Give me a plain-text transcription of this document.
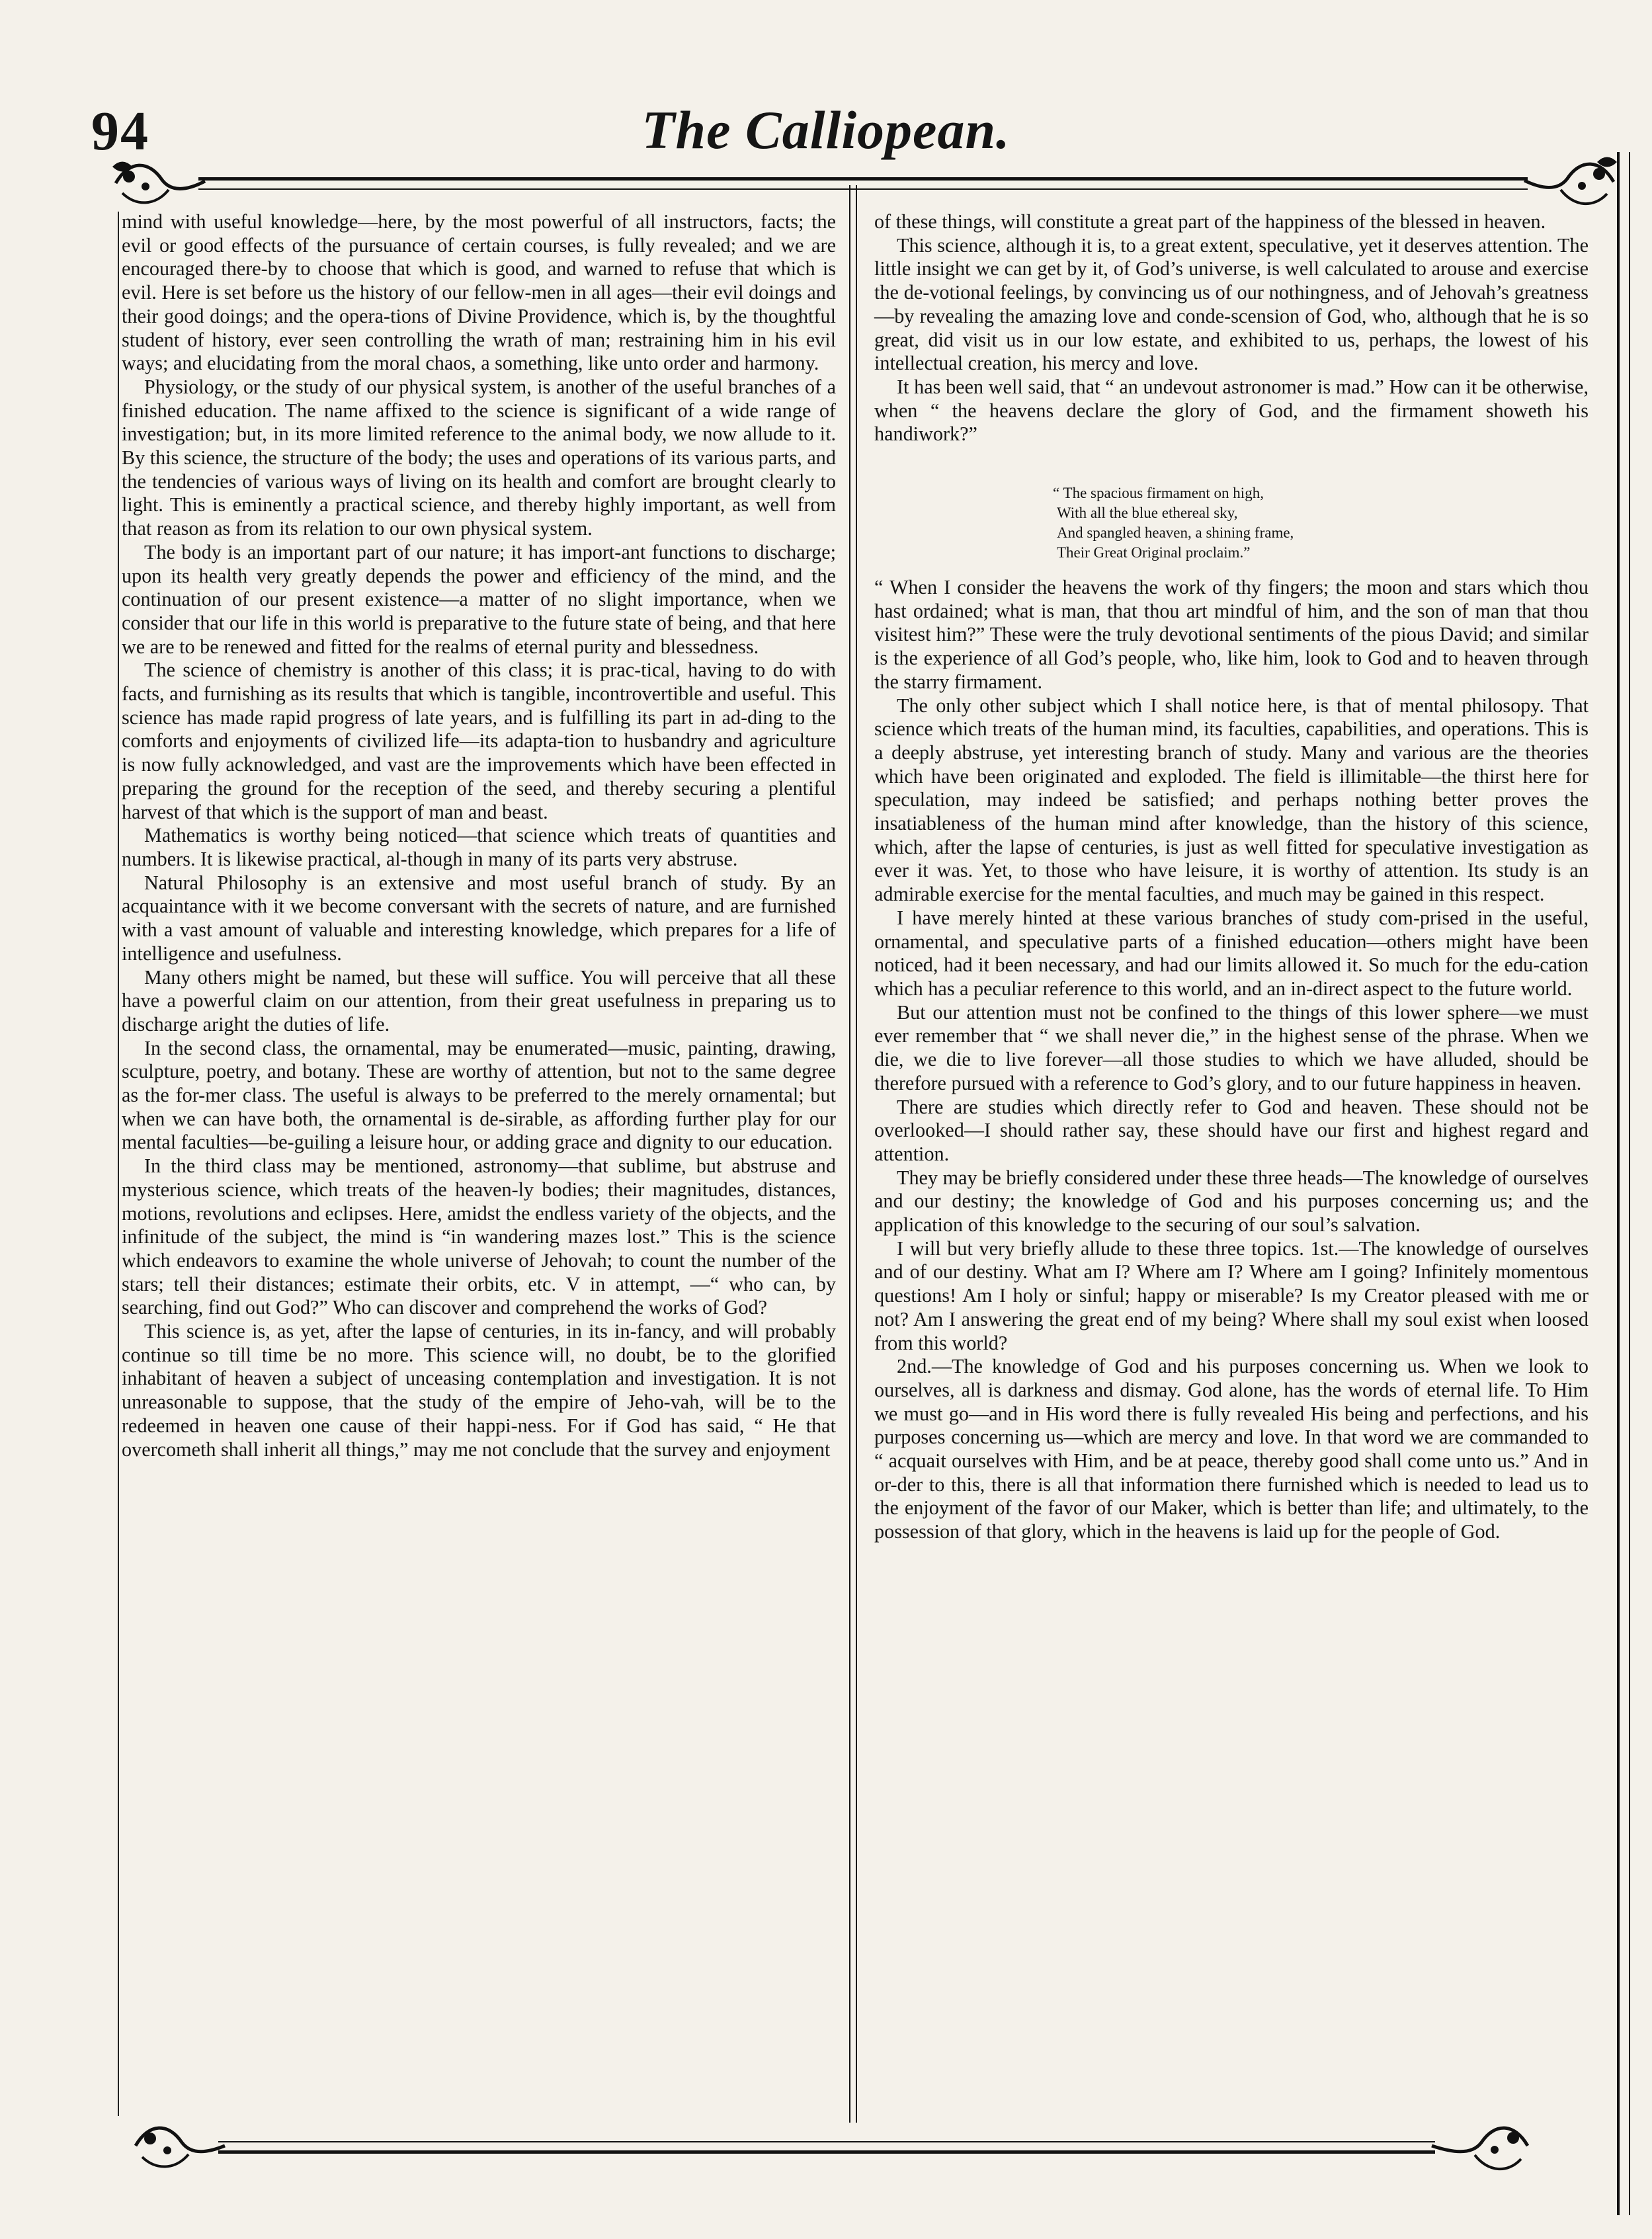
94	The Calliopean.

mind with useful knowledge—here, by the most powerful of all instructors, facts; the evil or good effects of the pursuance of certain courses, is fully revealed; and we are encouraged there-by to choose that which is good, and warned to refuse that which is evil. Here is set before us the history of our fellow-men in all ages—their evil doings and their good doings; and the opera-tions of Divine Providence, which is, by the thoughtful student of history, ever seen controlling the wrath of man; restraining him in his evil ways; and elucidating from the moral chaos, a something, like unto order and harmony.

Physiology, or the study of our physical system, is another of the useful branches of a finished education. The name affixed to the science is significant of a wide range of investigation; but, in its more limited reference to the animal body, we now allude to it. By this science, the structure of the body; the uses and operations of its various parts, and the tendencies of various ways of living on its health and comfort are brought clearly to light. This is eminently a practical science, and thereby highly important, as well from that reason as from its relation to our own physical system.

The body is an important part of our nature; it has import-ant functions to discharge; upon its health very greatly depends the power and efficiency of the mind, and the continuation of our present existence—a matter of no slight importance, when we consider that our life in this world is preparative to the future state of being, and that here we are to be renewed and fitted for the realms of eternal purity and blessedness.

The science of chemistry is another of this class; it is prac-tical, having to do with facts, and furnishing as its results that which is tangible, incontrovertible and useful. This science has made rapid progress of late years, and is fulfilling its part in ad-ding to the comforts and enjoyments of civilized life—its adapta-tion to husbandry and agriculture is now fully acknowledged, and vast are the improvements which have been effected in preparing the ground for the reception of the seed, and thereby securing a plentiful harvest of that which is the support of man and beast.

Mathematics is worthy being noticed—that science which treats of quantities and numbers. It is likewise practical, al-though in many of its parts very abstruse.

Natural Philosophy is an extensive and most useful branch of study. By an acquaintance with it we become conversant with the secrets of nature, and are furnished with a vast amount of valuable and interesting knowledge, which prepares for a life of intelligence and usefulness.

Many others might be named, but these will suffice. You will perceive that all these have a powerful claim on our attention, from their great usefulness in preparing us to discharge aright the duties of life.

In the second class, the ornamental, may be enumerated—music, painting, drawing, sculpture, poetry, and botany. These are worthy of attention, but not to the same degree as the for-mer class. The useful is always to be preferred to the merely ornamental; but when we can have both, the ornamental is de-sirable, as affording further play for our mental faculties—be-guiling a leisure hour, or adding grace and dignity to our education.

In the third class may be mentioned, astronomy—that sublime, but abstruse and mysterious science, which treats of the heaven-ly bodies; their magnitudes, distances, motions, revolutions and eclipses. Here, amidst the endless variety of the objects, and the infinitude of the subject, the mind is “in wandering mazes lost.” This is the science which endeavors to examine the whole universe of Jehovah; to count the number of the stars; tell their distances; estimate their orbits, etc. V in attempt, —“ who can, by searching, find out God?” Who can discover and comprehend the works of God?

This science is, as yet, after the lapse of centuries, in its in-fancy, and will probably continue so till time be no more. This science will, no doubt, be to the glorified inhabitant of heaven a subject of unceasing contemplation and investigation. It is not unreasonable to suppose, that the study of the empire of Jeho-vah, will be to the redeemed in heaven one cause of their happi-ness. For if God has said, “ He that overcometh shall inherit all things,” may me not conclude that the survey and enjoyment

of these things, will constitute a great part of the happiness of the blessed in heaven.

This science, although it is, to a great extent, speculative, yet it deserves attention. The little insight we can get by it, of God’s universe, is well calculated to arouse and exercise the de-votional feelings, by convincing us of our nothingness, and of Jehovah’s greatness—by revealing the amazing love and conde-scension of God, who, although that he is so great, did visit us in our low estate, and exhibited to us, perhaps, the lowest of his intellectual creation, his mercy and love.

It has been well said, that “ an undevout astronomer is mad.” How can it be otherwise, when “ the heavens declare the glory of God, and the firmament showeth his handiwork?”

“ The spacious firmament on high,
With all the blue ethereal sky,
And spangled heaven, a shining frame,
Their Great Original proclaim.”

“ When I consider the heavens the work of thy fingers; the moon and stars which thou hast ordained; what is man, that thou art mindful of him, and the son of man that thou visitest him?” These were the truly devotional sentiments of the pious David; and similar is the experience of all God’s people, who, like him, look to God and to heaven through the starry firmament.

The only other subject which I shall notice here, is that of mental philosopy. That science which treats of the human mind, its faculties, capabilities, and operations. This is a deeply abstruse, yet interesting branch of study. Many and various are the theories which have been originated and exploded. The field is illimitable—the thirst here for speculation, may indeed be satisfied; and perhaps nothing better proves the insatiableness of the human mind after knowledge, than the history of this science, which, after the lapse of centuries, is just as well fitted for speculative investigation as ever it was. Yet, to those who have leisure, it is worthy of attention. Its study is an admirable exercise for the mental faculties, and much may be gained in this respect.

I have merely hinted at these various branches of study com-prised in the useful, ornamental, and speculative parts of a finished education—others might have been noticed, had it been necessary, and had our limits allowed it. So much for the edu-cation which has a peculiar reference to this world, and an in-direct aspect to the future world.

But our attention must not be confined to the things of this lower sphere—we must ever remember that “ we shall never die,” in the highest sense of the phrase. When we die, we die to live forever—all those studies to which we have alluded, should be therefore pursued with a reference to God’s glory, and to our future happiness in heaven.

There are studies which directly refer to God and heaven. These should not be overlooked—I should rather say, these should have our first and highest regard and attention.

They may be briefly considered under these three heads—The knowledge of ourselves and our destiny; the knowledge of God and his purposes concerning us; and the application of this knowledge to the securing of our soul’s salvation.

I will but very briefly allude to these three topics. 1st.—The knowledge of ourselves and of our destiny. What am I? Where am I? Where am I going? Infinitely momentous questions! Am I holy or sinful; happy or miserable? Is my Creator pleased with me or not? Am I answering the great end of my being? Where shall my soul exist when loosed from this world?

2nd.—The knowledge of God and his purposes concerning us. When we look to ourselves, all is darkness and dismay. God alone, has the words of eternal life. To Him we must go—and in His word there is fully revealed His being and perfections, and his purposes concerning us—which are mercy and love. In that word we are commanded to “ acquait ourselves with Him, and be at peace, thereby good shall come unto us.” And in or-der to this, there is all that information there furnished which is needed to lead us to the enjoyment of the favor of our Maker, which is better than life; and ultimately, to the possession of that glory, which in the heavens is laid up for the people of God.
